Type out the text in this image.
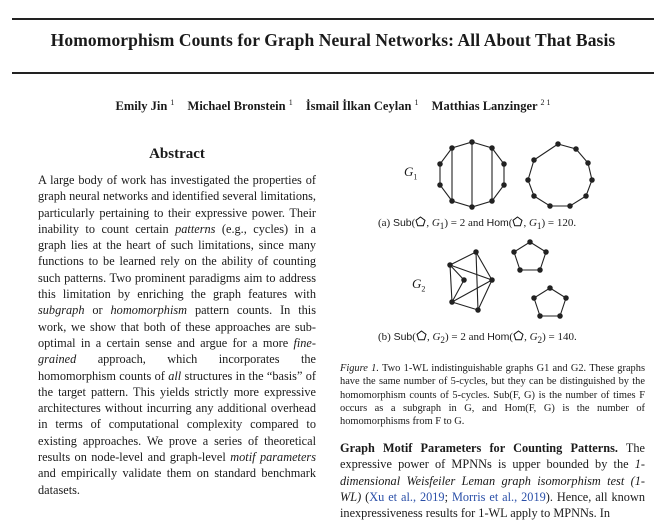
Homomorphism Counts for Graph Neural Networks: All About That Basis
Emily Jin $^1$ Michael Bronstein $^1$ İsmail İlkan Ceylan $^1$ Matthias Lanzinger $^{2 1}$
Abstract
A large body of work has investigated the properties of graph neural networks and identified several limitations, particularly pertaining to their expressive power. Their inability to count certain patterns (e.g., cycles) in a graph lies at the heart of such limitations, since many functions to be learned rely on the ability of counting such patterns. Two prominent paradigms aim to address this limitation by enriching the graph features with subgraph or homomorphism pattern counts. In this work, we show that both of these approaches are sub-optimal in a certain sense and argue for a more fine-grained approach, which incorporates the homomorphism counts of all structures in the “basis” of the target pattern. This yields strictly more expressive architectures without incurring any additional overhead in terms of computational complexity compared to existing approaches. We prove a series of theoretical results on node-level and graph-level motif parameters and empirically validate them on standard benchmark datasets.
$G_1$
$G_2$
(a) Sub( , $G_1) = 2$ and Hom( , $G_1) = 120$.
(b) Sub( , $G_2) = 2$ and Hom( , $G_2) = 140$.
Figure 1. Two 1-WL indistinguishable graphs G1 and G2. These graphs have the same number of 5-cycles, but they can be distinguished by the homomorphism counts of 5-cycles. Sub(F, G) is the number of times F occurs as a subgraph in G, and Hom(F, G) is the number of homomorphisms from F to G.
Graph Motif Parameters for Counting Patterns. The expressive power of MPNNs is upper bounded by the 1-dimensional Weisfeiler Leman graph isomorphism test (1-WL) (Xu et al., 2019; Morris et al., 2019). Hence, all known inexpressiveness results for 1-WL apply to MPNNs. In
